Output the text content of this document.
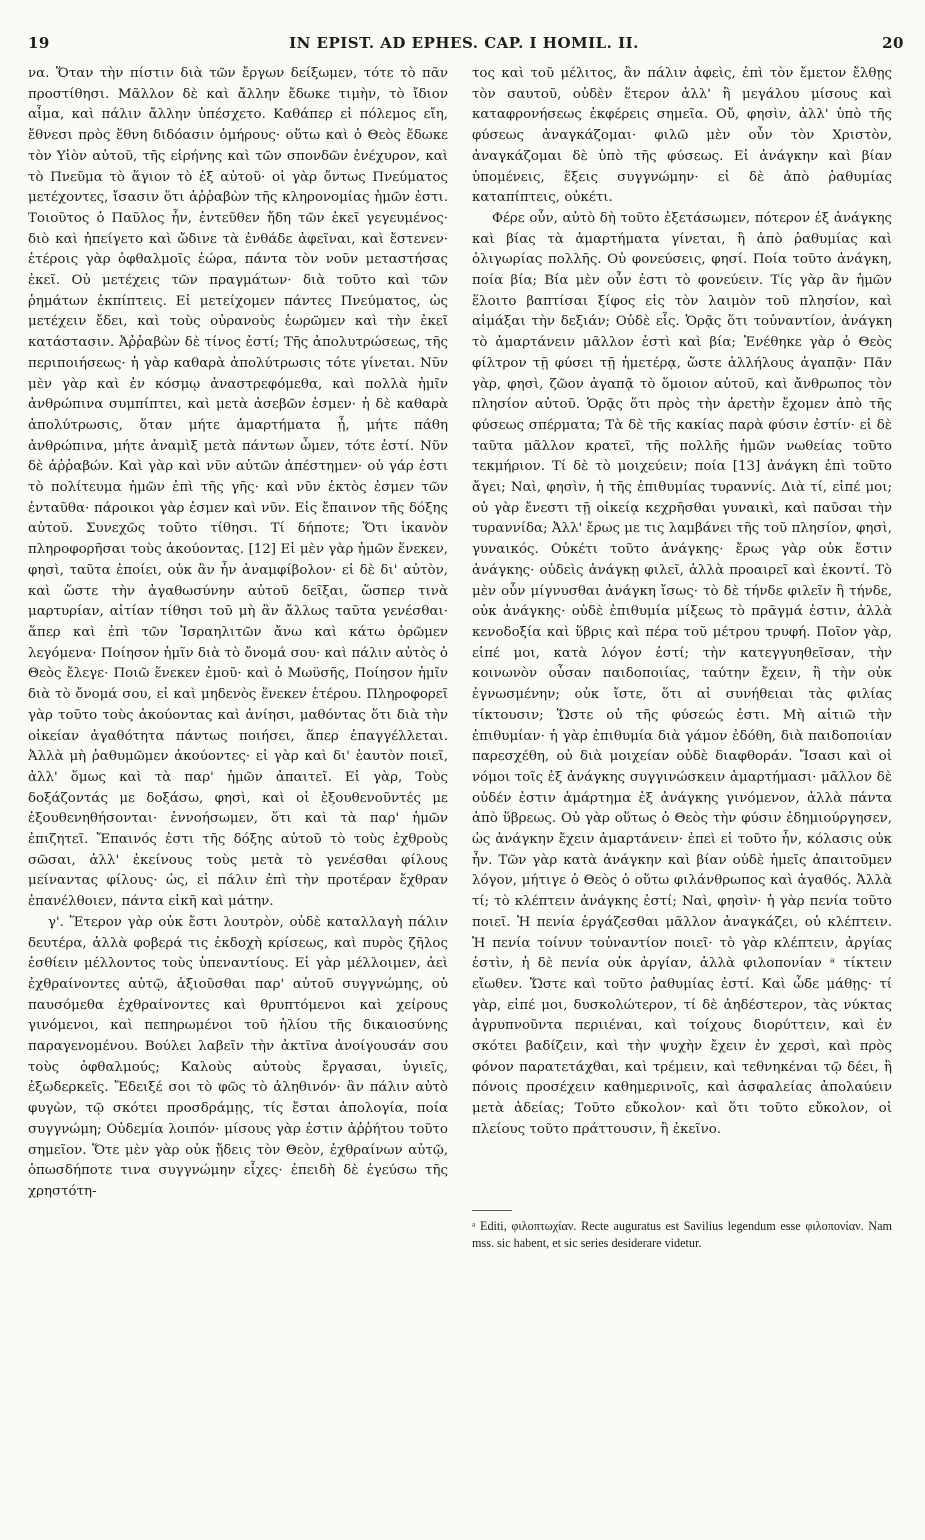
19	IN EPIST. AD EPHES. CAP. I HOMIL. II.	20

να. Ὅταν τὴν πίστιν διὰ τῶν ἔργων δείξωμεν, τότε τὸ πᾶν προστίθησι. Μᾶλλον δὲ καὶ ἄλλην ἔδωκε τιμὴν, τὸ ἴδιον αἷμα, καὶ πάλιν ἄλλην ὑπέσχετο. Καθάπερ εἰ πόλεμος εἴη, ἔθνεσι πρὸς ἔθνη διδόασιν ὁμήρους· οὕτω καὶ ὁ Θεὸς ἔδωκε τὸν Υἱὸν αὐτοῦ, τῆς εἰρήνης καὶ τῶν σπονδῶν ἐνέχυρον, καὶ τὸ Πνεῦμα τὸ ἅγιον τὸ ἐξ αὐτοῦ· οἱ γὰρ ὄντως Πνεύματος μετέχοντες, ἴσασιν ὅτι ἀῤῥαβὼν τῆς κληρονομίας ἡμῶν ἐστι. Τοιοῦτος ὁ Παῦλος ἦν, ἐντεῦθεν ἤδη τῶν ἐκεῖ γεγευμένος· διὸ καὶ ἠπείγετο καὶ ὤδινε τὰ ἐνθάδε ἀφεῖναι, καὶ ἔστενεν· ἑτέροις γὰρ ὀφθαλμοῖς ἑώρα, πάντα τὸν νοῦν μεταστήσας ἐκεῖ. Οὐ μετέχεις τῶν πραγμάτων· διὰ τοῦτο καὶ τῶν ῥημάτων ἐκπίπτεις. Εἰ μετείχομεν πάντες Πνεύματος, ὡς μετέχειν ἔδει, καὶ τοὺς οὐρανοὺς ἑωρῶμεν καὶ τὴν ἐκεῖ κατάστασιν. Ἀῤῥαβὼν δὲ τίνος ἐστί; Τῆς ἀπολυτρώσεως, τῆς περιποιήσεως· ἡ γὰρ καθαρὰ ἀπολύτρωσις τότε γίνεται. Νῦν μὲν γὰρ καὶ ἐν κόσμῳ ἀναστρεφόμεθα, καὶ πολλὰ ἡμῖν ἀνθρώπινα συμπίπτει, καὶ μετὰ ἀσεβῶν ἐσμεν· ἡ δὲ καθαρὰ ἀπολύτρωσις, ὅταν μήτε ἁμαρτήματα ᾖ, μήτε πάθη ἀνθρώπινα, μήτε ἀναμὶξ μετὰ πάντων ὦμεν, τότε ἐστί. Νῦν δὲ ἀῤῥαβών. Καὶ γὰρ καὶ νῦν αὐτῶν ἀπέστημεν· οὐ γάρ ἐστι τὸ πολίτευμα ἡμῶν ἐπὶ τῆς γῆς· καὶ νῦν ἐκτὸς ἐσμεν τῶν ἐνταῦθα· πάροικοι γὰρ ἐσμεν καὶ νῦν. Εἰς ἔπαινον τῆς δόξης αὐτοῦ. Συνεχῶς τοῦτο τίθησι. Τί δήποτε; Ὅτι ἱκανὸν πληροφορῆσαι τοὺς ἀκούοντας. [12] Εἰ μὲν γὰρ ἡμῶν ἕνεκεν, φησὶ, ταῦτα ἐποίει, οὐκ ἂν ἦν ἀναμφίβολον· εἰ δὲ δι' αὐτὸν, καὶ ὥστε τὴν ἀγαθωσύνην αὐτοῦ δεῖξαι, ὥσπερ τινὰ μαρτυρίαν, αἰτίαν τίθησι τοῦ μὴ ἂν ἄλλως ταῦτα γενέσθαι· ἅπερ καὶ ἐπὶ τῶν Ἰσραηλιτῶν ἄνω καὶ κάτω ὁρῶμεν λεγόμενα· Ποίησον ἡμῖν διὰ τὸ ὄνομά σου· καὶ πάλιν αὐτὸς ὁ Θεὸς ἔλεγε· Ποιῶ ἕνεκεν ἐμοῦ· καὶ ὁ Μωϋσῆς, Ποίησον ἡμῖν διὰ τὸ ὄνομά σου, εἰ καὶ μηδενὸς ἕνεκεν ἑτέρου. Πληροφορεῖ γὰρ τοῦτο τοὺς ἀκούοντας καὶ ἀνίησι, μαθόντας ὅτι διὰ τὴν οἰκείαν ἀγαθότητα πάντως ποιήσει, ἅπερ ἐπαγγέλλεται. Ἀλλὰ μὴ ῥαθυμῶμεν ἀκούοντες· εἰ γὰρ καὶ δι' ἑαυτὸν ποιεῖ, ἀλλ' ὅμως καὶ τὰ παρ' ἡμῶν ἀπαιτεῖ. Εἰ γὰρ, Τοὺς δοξάζοντάς με δοξάσω, φησὶ, καὶ οἱ ἐξουθενοῦντές με ἐξουθενηθήσονται· ἐννοήσωμεν, ὅτι καὶ τὰ παρ' ἡμῶν ἐπιζητεῖ. Ἔπαινός ἐστι τῆς δόξης αὐτοῦ τὸ τοὺς ἐχθροὺς σῶσαι, ἀλλ' ἐκείνους τοὺς μετὰ τὸ γενέσθαι φίλους μείναντας φίλους· ὡς, εἰ πάλιν ἐπὶ τὴν προτέραν ἔχθραν ἐπανέλθοιεν, πάντα εἰκῆ καὶ μάτην.

γ'. Ἕτερον γὰρ οὐκ ἔστι λουτρὸν, οὐδὲ καταλλαγὴ πάλιν δευτέρα, ἀλλὰ φοβερά τις ἐκδοχὴ κρίσεως, καὶ πυρὸς ζῆλος ἐσθίειν μέλλοντος τοὺς ὑπεναντίους. Εἰ γὰρ μέλλοιμεν, ἀεὶ ἐχθραίνοντες αὐτῷ, ἀξιοῦσθαι παρ' αὐτοῦ συγγνώμης, οὐ παυσόμεθα ἐχθραίνοντες καὶ θρυπτόμενοι καὶ χείρους γινόμενοι, καὶ πεπηρωμένοι τοῦ ἡλίου τῆς δικαιοσύνης παραγενομένου. Βούλει λαβεῖν τὴν ἀκτῖνα ἀνοίγουσάν σου τοὺς ὀφθαλμούς; Καλοὺς αὐτοὺς ἔργασαι, ὑγιεῖς, ἐξωδερκεῖς. Ἔδειξέ σοι τὸ φῶς τὸ ἀληθινόν· ἂν πάλιν αὐτὸ φυγὼν, τῷ σκότει προσδράμῃς, τίς ἔσται ἀπολογία, ποία συγγνώμη; Οὐδεμία λοιπόν· μίσους γὰρ ἐστιν ἀῤῥήτου τοῦτο σημεῖον. Ὅτε μὲν γὰρ οὐκ ᾔδεις τὸν Θεὸν, ἐχθραίνων αὐτῷ, ὁπωσδήποτε τινα συγγνώμην εἶχες· ἐπειδὴ δὲ ἐγεύσω τῆς χρηστότη-

τος καὶ τοῦ μέλιτος, ἂν πάλιν ἀφεὶς, ἐπὶ τὸν ἔμετον ἔλθῃς τὸν σαυτοῦ, οὐδὲν ἕτερον ἀλλ' ἢ μεγάλου μίσους καὶ καταφρονήσεως ἐκφέρεις σημεῖα. Οὔ, φησὶν, ἀλλ' ὑπὸ τῆς φύσεως ἀναγκάζομαι· φιλῶ μὲν οὖν τὸν Χριστὸν, ἀναγκάζομαι δὲ ὑπὸ τῆς φύσεως. Εἰ ἀνάγκην καὶ βίαν ὑπομένεις, ἕξεις συγγνώμην· εἰ δὲ ἀπὸ ῥαθυμίας καταπίπτεις, οὐκέτι.

Φέρε οὖν, αὐτὸ δὴ τοῦτο ἐξετάσωμεν, πότερον ἐξ ἀνάγκης καὶ βίας τὰ ἁμαρτήματα γίνεται, ἢ ἀπὸ ῥαθυμίας καὶ ὀλιγωρίας πολλῆς. Οὐ φονεύσεις, φησί. Ποία τοῦτο ἀνάγκη, ποία βία; Βία μὲν οὖν ἐστι τὸ φονεύειν. Τίς γὰρ ἂν ἡμῶν ἕλοιτο βαπτίσαι ξίφος εἰς τὸν λαιμὸν τοῦ πλησίον, καὶ αἱμάξαι τὴν δεξιάν; Οὐδὲ εἷς. Ὁρᾷς ὅτι τοὐναντίον, ἀνάγκη τὸ ἁμαρτάνειν μᾶλλον ἐστὶ καὶ βία; Ἐνέθηκε γὰρ ὁ Θεὸς φίλτρον τῇ φύσει τῇ ἡμετέρᾳ, ὥστε ἀλλήλους ἀγαπᾷν· Πᾶν γὰρ, φησὶ, ζῶον ἀγαπᾷ τὸ ὅμοιον αὐτοῦ, καὶ ἄνθρωπος τὸν πλησίον αὐτοῦ. Ὁρᾷς ὅτι πρὸς τὴν ἀρετὴν ἔχομεν ἀπὸ τῆς φύσεως σπέρματα; Τὰ δὲ τῆς κακίας παρὰ φύσιν ἐστίν· εἰ δὲ ταῦτα μᾶλλον κρατεῖ, τῆς πολλῆς ἡμῶν νωθείας τοῦτο τεκμήριον. Τί δὲ τὸ μοιχεύειν; ποία [13] ἀνάγκη ἐπὶ τοῦτο ἄγει; Ναὶ, φησὶν, ἡ τῆς ἐπιθυμίας τυραννίς. Διὰ τί, εἰπέ μοι; οὐ γὰρ ἔνεστι τῇ οἰκείᾳ κεχρῆσθαι γυναικὶ, καὶ παῦσαι τὴν τυραννίδα; Ἀλλ' ἔρως με τις λαμβάνει τῆς τοῦ πλησίον, φησὶ, γυναικός. Οὐκέτι τοῦτο ἀνάγκης· ἔρως γὰρ οὐκ ἔστιν ἀνάγκης· οὐδεὶς ἀνάγκῃ φιλεῖ, ἀλλὰ προαιρεῖ καὶ ἑκοντί. Τὸ μὲν οὖν μίγνυσθαι ἀνάγκη ἴσως· τὸ δὲ τήνδε φιλεῖν ἢ τήνδε, οὐκ ἀνάγκης· οὐδὲ ἐπιθυμία μίξεως τὸ πρᾶγμά ἐστιν, ἀλλὰ κενοδοξία καὶ ὕβρις καὶ πέρα τοῦ μέτρου τρυφή. Ποῖον γὰρ, εἰπέ μοι, κατὰ λόγον ἐστί; τὴν κατεγγυηθεῖσαν, τὴν κοινωνὸν οὖσαν παιδοποιίας, ταύτην ἔχειν, ἢ τὴν οὐκ ἐγνωσμένην; οὐκ ἴστε, ὅτι αἱ συνήθειαι τὰς φιλίας τίκτουσιν; Ὥστε οὐ τῆς φύσεώς ἐστι. Μὴ αἰτιῶ τὴν ἐπιθυμίαν· ἡ γὰρ ἐπιθυμία διὰ γάμον ἐδόθη, διὰ παιδοποιίαν παρεσχέθη, οὐ διὰ μοιχείαν οὐδὲ διαφθοράν. Ἴσασι καὶ οἱ νόμοι τοῖς ἐξ ἀνάγκης συγγινώσκειν ἁμαρτήμασι· μᾶλλον δὲ οὐδέν ἐστιν ἁμάρτημα ἐξ ἀνάγκης γινόμενον, ἀλλὰ πάντα ἀπὸ ὕβρεως. Οὐ γὰρ οὕτως ὁ Θεὸς τὴν φύσιν ἐδημιούργησεν, ὡς ἀνάγκην ἔχειν ἁμαρτάνειν· ἐπεὶ εἰ τοῦτο ἦν, κόλασις οὐκ ἦν. Τῶν γὰρ κατὰ ἀνάγκην καὶ βίαν οὐδὲ ἡμεῖς ἀπαιτοῦμεν λόγον, μήτιγε ὁ Θεὸς ὁ οὕτω φιλάνθρωπος καὶ ἀγαθός. Ἀλλὰ τί; τὸ κλέπτειν ἀνάγκης ἐστί; Ναὶ, φησὶν· ἡ γὰρ πενία τοῦτο ποιεῖ. Ἡ πενία ἐργάζεσθαι μᾶλλον ἀναγκάζει, οὐ κλέπτειν. Ἡ πενία τοίνυν τοὐναντίον ποιεῖ· τὸ γὰρ κλέπτειν, ἀργίας ἐστὶν, ἡ δὲ πενία οὐκ ἀργίαν, ἀλλὰ φιλοπονίαν ᵃ τίκτειν εἴωθεν. Ὥστε καὶ τοῦτο ῥαθυμίας ἐστί. Καὶ ὧδε μάθῃς· τί γὰρ, εἰπέ μοι, δυσκολώτερον, τί δὲ ἀηδέστερον, τὰς νύκτας ἀγρυπνοῦντα περιιέναι, καὶ τοίχους διορύττειν, καὶ ἐν σκότει βαδίζειν, καὶ τὴν ψυχὴν ἔχειν ἐν χερσὶ, καὶ πρὸς φόνον παρατετάχθαι, καὶ τρέμειν, καὶ τεθνηκέναι τῷ δέει, ἢ πόνοις προσέχειν καθημερινοῖς, καὶ ἀσφαλείας ἀπολαύειν μετὰ ἀδείας; Τοῦτο εὔκολον· καὶ ὅτι τοῦτο εὔκολον, οἱ πλείους τοῦτο πράττουσιν, ἢ ἐκεῖνο.

ᵃ Editi, φιλοπτωχίαν. Recte auguratus est Savilius legendum esse φιλοπονίαν. Nam mss. sic habent, et sic series desiderare videtur.
